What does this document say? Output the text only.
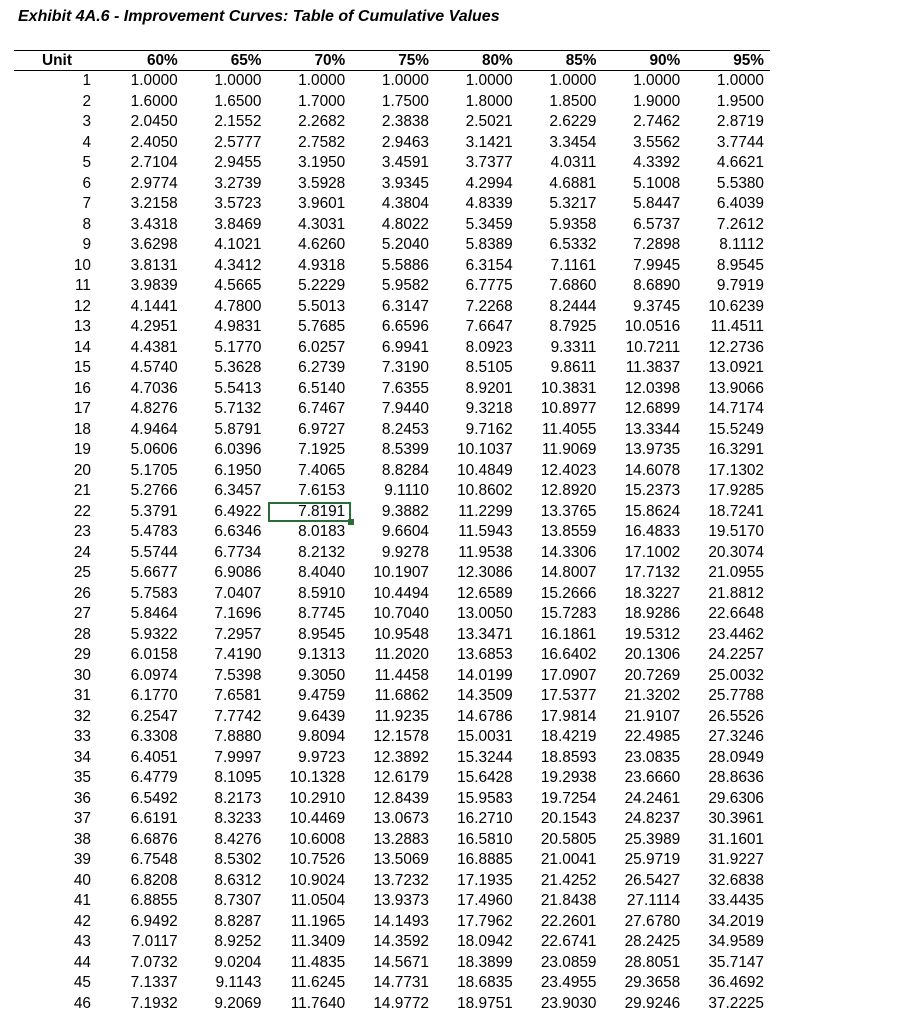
Exhibit 4A.6 - Improvement Curves: Table of Cumulative Values
Unit	60%	65%	70%	75%	80%	85%	90%	95%
1	1.0000	1.0000	1.0000	1.0000	1.0000	1.0000	1.0000	1.0000
2	1.6000	1.6500	1.7000	1.7500	1.8000	1.8500	1.9000	1.9500
3	2.0450	2.1552	2.2682	2.3838	2.5021	2.6229	2.7462	2.8719
4	2.4050	2.5777	2.7582	2.9463	3.1421	3.3454	3.5562	3.7744
5	2.7104	2.9455	3.1950	3.4591	3.7377	4.0311	4.3392	4.6621
6	2.9774	3.2739	3.5928	3.9345	4.2994	4.6881	5.1008	5.5380
7	3.2158	3.5723	3.9601	4.3804	4.8339	5.3217	5.8447	6.4039
8	3.4318	3.8469	4.3031	4.8022	5.3459	5.9358	6.5737	7.2612
9	3.6298	4.1021	4.6260	5.2040	5.8389	6.5332	7.2898	8.1112
10	3.8131	4.3412	4.9318	5.5886	6.3154	7.1161	7.9945	8.9545
11	3.9839	4.5665	5.2229	5.9582	6.7775	7.6860	8.6890	9.7919
12	4.1441	4.7800	5.5013	6.3147	7.2268	8.2444	9.3745	10.6239
13	4.2951	4.9831	5.7685	6.6596	7.6647	8.7925	10.0516	11.4511
14	4.4381	5.1770	6.0257	6.9941	8.0923	9.3311	10.7211	12.2736
15	4.5740	5.3628	6.2739	7.3190	8.5105	9.8611	11.3837	13.0921
16	4.7036	5.5413	6.5140	7.6355	8.9201	10.3831	12.0398	13.9066
17	4.8276	5.7132	6.7467	7.9440	9.3218	10.8977	12.6899	14.7174
18	4.9464	5.8791	6.9727	8.2453	9.7162	11.4055	13.3344	15.5249
19	5.0606	6.0396	7.1925	8.5399	10.1037	11.9069	13.9735	16.3291
20	5.1705	6.1950	7.4065	8.8284	10.4849	12.4023	14.6078	17.1302
21	5.2766	6.3457	7.6153	9.1110	10.8602	12.8920	15.2373	17.9285
22	5.3791	6.4922	7.8191	9.3882	11.2299	13.3765	15.8624	18.7241
23	5.4783	6.6346	8.0183	9.6604	11.5943	13.8559	16.4833	19.5170
24	5.5744	6.7734	8.2132	9.9278	11.9538	14.3306	17.1002	20.3074
25	5.6677	6.9086	8.4040	10.1907	12.3086	14.8007	17.7132	21.0955
26	5.7583	7.0407	8.5910	10.4494	12.6589	15.2666	18.3227	21.8812
27	5.8464	7.1696	8.7745	10.7040	13.0050	15.7283	18.9286	22.6648
28	5.9322	7.2957	8.9545	10.9548	13.3471	16.1861	19.5312	23.4462
29	6.0158	7.4190	9.1313	11.2020	13.6853	16.6402	20.1306	24.2257
30	6.0974	7.5398	9.3050	11.4458	14.0199	17.0907	20.7269	25.0032
31	6.1770	7.6581	9.4759	11.6862	14.3509	17.5377	21.3202	25.7788
32	6.2547	7.7742	9.6439	11.9235	14.6786	17.9814	21.9107	26.5526
33	6.3308	7.8880	9.8094	12.1578	15.0031	18.4219	22.4985	27.3246
34	6.4051	7.9997	9.9723	12.3892	15.3244	18.8593	23.0835	28.0949
35	6.4779	8.1095	10.1328	12.6179	15.6428	19.2938	23.6660	28.8636
36	6.5492	8.2173	10.2910	12.8439	15.9583	19.7254	24.2461	29.6306
37	6.6191	8.3233	10.4469	13.0673	16.2710	20.1543	24.8237	30.3961
38	6.6876	8.4276	10.6008	13.2883	16.5810	20.5805	25.3989	31.1601
39	6.7548	8.5302	10.7526	13.5069	16.8885	21.0041	25.9719	31.9227
40	6.8208	8.6312	10.9024	13.7232	17.1935	21.4252	26.5427	32.6838
41	6.8855	8.7307	11.0504	13.9373	17.4960	21.8438	27.1114	33.4435
42	6.9492	8.8287	11.1965	14.1493	17.7962	22.2601	27.6780	34.2019
43	7.0117	8.9252	11.3409	14.3592	18.0942	22.6741	28.2425	34.9589
44	7.0732	9.0204	11.4835	14.5671	18.3899	23.0859	28.8051	35.7147
45	7.1337	9.1143	11.6245	14.7731	18.6835	23.4955	29.3658	36.4692
46	7.1932	9.2069	11.7640	14.9772	18.9751	23.9030	29.9246	37.2225
